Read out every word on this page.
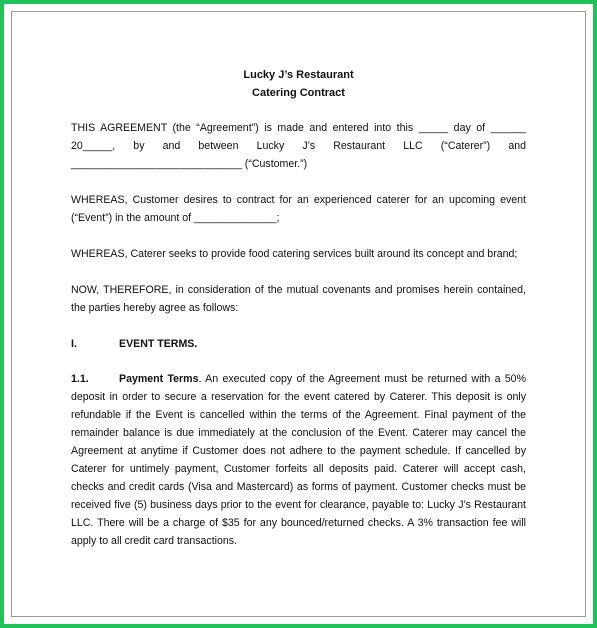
Lucky J’s Restaurant

Catering Contract

THIS AGREEMENT (the “Agreement”) is made and entered into this _____ day of ______
20_____, by and between Lucky J’s Restaurant LLC (“Caterer”) and
_____________________________ (“Customer.”)
WHEREAS, Customer desires to contract for an experienced caterer for an upcoming event
(“Event”) in the amount of ______________;

WHEREAS, Caterer seeks to provide food catering services built around its concept and brand;

NOW, THEREFORE, in consideration of the mutual covenants and promises herein contained,
the parties hereby agree as follows:
I.	EVENT TERMS.

1.1.	Payment Terms. An executed copy of the Agreement must be returned with a 50% deposit in order to secure a reservation for the event catered by Caterer. This deposit is only refundable if the Event is cancelled within the terms of the Agreement. Final payment of the remainder balance is due immediately at the conclusion of the Event. Caterer may cancel the Agreement at anytime if Customer does not adhere to the payment schedule. If cancelled by Caterer for untimely payment, Customer forfeits all deposits paid. Caterer will accept cash, checks and credit cards (Visa and Mastercard) as forms of payment. Customer checks must be received five (5) business days prior to the event for clearance, payable to: Lucky J’s Restaurant LLC. There will be a charge of $35 for any bounced/returned checks. A 3% transaction fee will apply to all credit card transactions.
